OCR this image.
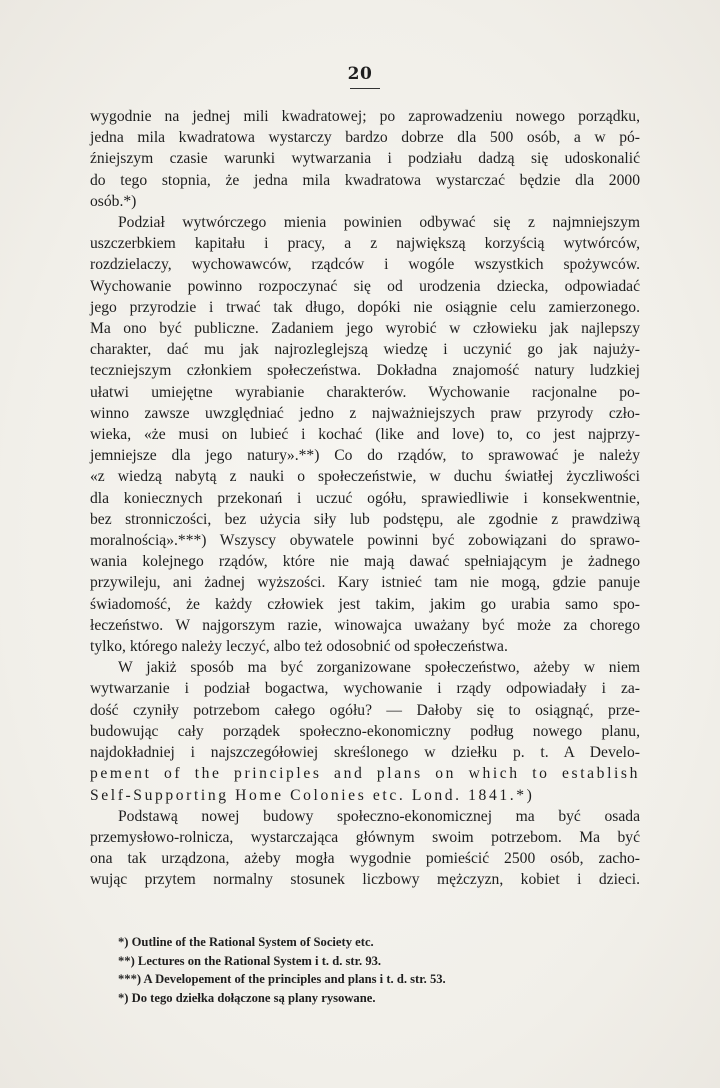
20
wygodnie na jednej mili kwadratowej; po zaprowadzeniu nowego porządku,
jedna mila kwadratowa wystarczy bardzo dobrze dla 500 osób, a w pó-
źniejszym czasie warunki wytwarzania i podziału dadzą się udoskonalić
do tego stopnia, że jedna mila kwadratowa wystarczać będzie dla 2000
osób.*)
Podział wytwórczego mienia powinien odbywać się z najmniejszym
uszczerbkiem kapitału i pracy, a z największą korzyścią wytwórców,
rozdzielaczy, wychowawców, rządców i wogóle wszystkich spożywców.
Wychowanie powinno rozpoczynać się od urodzenia dziecka, odpowiadać
jego przyrodzie i trwać tak długo, dopóki nie osiągnie celu zamierzonego.
Ma ono być publiczne. Zadaniem jego wyrobić w człowieku jak najlepszy
charakter, dać mu jak najrozleglejszą wiedzę i uczynić go jak najuży-
teczniejszym członkiem społeczeństwa. Dokładna znajomość natury ludzkiej
ułatwi umiejętne wyrabianie charakterów. Wychowanie racjonalne po-
winno zawsze uwzględniać jedno z najważniejszych praw przyrody czło-
wieka, «że musi on lubieć i kochać (like and love) to, co jest najprzy-
jemniejsze dla jego natury».**) Co do rządów, to sprawować je należy
«z wiedzą nabytą z nauki o społeczeństwie, w duchu światłej życzliwości
dla koniecznych przekonań i uczuć ogółu, sprawiedliwie i konsekwentnie,
bez stronniczości, bez użycia siły lub podstępu, ale zgodnie z prawdziwą
moralnością».***) Wszyscy obywatele powinni być zobowiązani do sprawo-
wania kolejnego rządów, które nie mają dawać spełniającym je żadnego
przywileju, ani żadnej wyższości. Kary istnieć tam nie mogą, gdzie panuje
świadomość, że każdy człowiek jest takim, jakim go urabia samo spo-
łeczeństwo. W najgorszym razie, winowajca uważany być może za chorego
tylko, którego należy leczyć, albo też odosobnić od społeczeństwa.
W jakiż sposób ma być zorganizowane społeczeństwo, ażeby w niem
wytwarzanie i podział bogactwa, wychowanie i rządy odpowiadały i za-
dość czyniły potrzebom całego ogółu? — Dałoby się to osiągnąć, prze-
budowując cały porządek społeczno-ekonomiczny podług nowego planu,
najdokładniej i najszczegółowiej skreślonego w dziełku p. t. A Develo-
pement of the principles and plans on which to establish
Self-Supporting Home Colonies etc. Lond. 1841.*)
Podstawą nowej budowy społeczno-ekonomicznej ma być osada
przemysłowo-rolnicza, wystarczająca głównym swoim potrzebom. Ma być
ona tak urządzona, ażeby mogła wygodnie pomieścić 2500 osób, zacho-
wując przytem normalny stosunek liczbowy mężczyzn, kobiet i dzieci.
*) Outline of the Rational System of Society etc.
**) Lectures on the Rational System i t. d. str. 93.
***) A Developement of the principles and plans i t. d. str. 53.
*) Do tego dziełka dołączone są plany rysowane.
